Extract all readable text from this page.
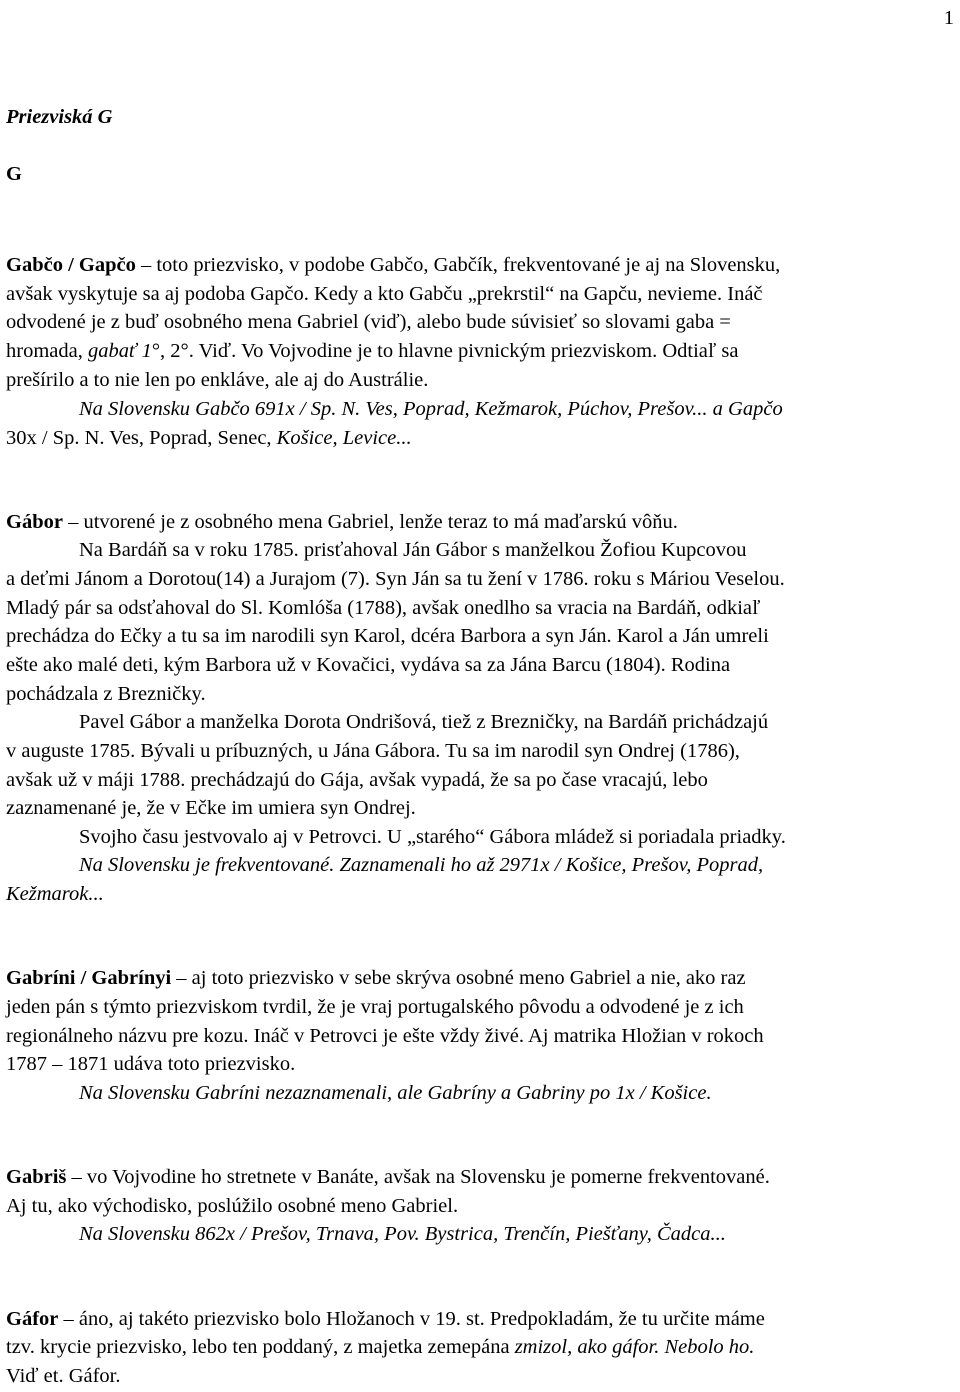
1
Priezviská G
G
Gabčo / Gapčo – toto priezvisko, v podobe Gabčo, Gabčík, frekventované je aj na Slovensku,
avšak vyskytuje sa aj podoba Gapčo. Kedy a kto Gabču „prekrstil“ na Gapču, nevieme. Ináč
odvodené je z buď osobného mena Gabriel (viď), alebo bude súvisieť so slovami gaba =
hromada, gabať 1°, 2°. Viď. Vo Vojvodine je to hlavne pivnickým priezviskom. Odtiaľ sa
prešírilo a to nie len po enkláve, ale aj do Austrálie.
Na Slovensku Gabčo 691x / Sp. N. Ves, Poprad, Kežmarok, Púchov, Prešov... a Gapčo
30x / Sp. N. Ves, Poprad, Senec, Košice, Levice...
Gábor – utvorené je z osobného mena Gabriel, lenže teraz to má maďarskú vôňu.
Na Bardáň sa v roku 1785. prisťahoval Ján Gábor s manželkou Žofiou Kupcovou
a deťmi Jánom a Dorotou(14) a Jurajom (7). Syn Ján sa tu žení v 1786. roku s Máriou Veselou.
Mladý pár sa odsťahoval do Sl. Komlóša (1788), avšak onedlho sa vracia na Bardáň, odkiaľ
prechádza do Ečky a tu sa im narodili syn Karol, dcéra Barbora a syn Ján. Karol a Ján umreli
ešte ako malé deti, kým Barbora už v Kovačici, vydáva sa za Jána Barcu (1804). Rodina
pochádzala z Brezničky.
Pavel Gábor a manželka Dorota Ondrišová, tiež z Brezničky, na Bardáň prichádzajú
v auguste 1785. Bývali u príbuzných, u Jána Gábora. Tu sa im narodil syn Ondrej (1786),
avšak už v máji 1788. prechádzajú do Gája, avšak vypadá, že sa po čase vracajú, lebo
zaznamenané je, že v Ečke im umiera syn Ondrej.
Svojho času jestvovalo aj v Petrovci. U „starého“ Gábora mládež si poriadala priadky.
Na Slovensku je frekventované. Zaznamenali ho až 2971x / Košice, Prešov, Poprad,
Kežmarok...
Gabríni / Gabrínyi – aj toto priezvisko v sebe skrýva osobné meno Gabriel a nie, ako raz
jeden pán s týmto priezviskom tvrdil, že je vraj portugalského pôvodu a odvodené je z ich
regionálneho názvu pre kozu. Ináč v Petrovci je ešte vždy živé. Aj matrika Hložian v rokoch
1787 – 1871 udáva toto priezvisko.
Na Slovensku Gabríni nezaznamenali, ale Gabríny a Gabriny po 1x / Košice.
Gabriš – vo Vojvodine ho stretnete v Banáte, avšak na Slovensku je pomerne frekventované.
Aj tu, ako východisko, poslúžilo osobné meno Gabriel.
Na Slovensku 862x / Prešov, Trnava, Pov. Bystrica, Trenčín, Piešťany, Čadca...
Gáfor – áno, aj takéto priezvisko bolo Hložanoch v 19. st. Predpokladám, že tu určite máme
tzv. krycie priezvisko, lebo ten poddaný, z majetka zemepána zmizol, ako gáfor. Nebolo ho.
Viď et. Gáfor.
